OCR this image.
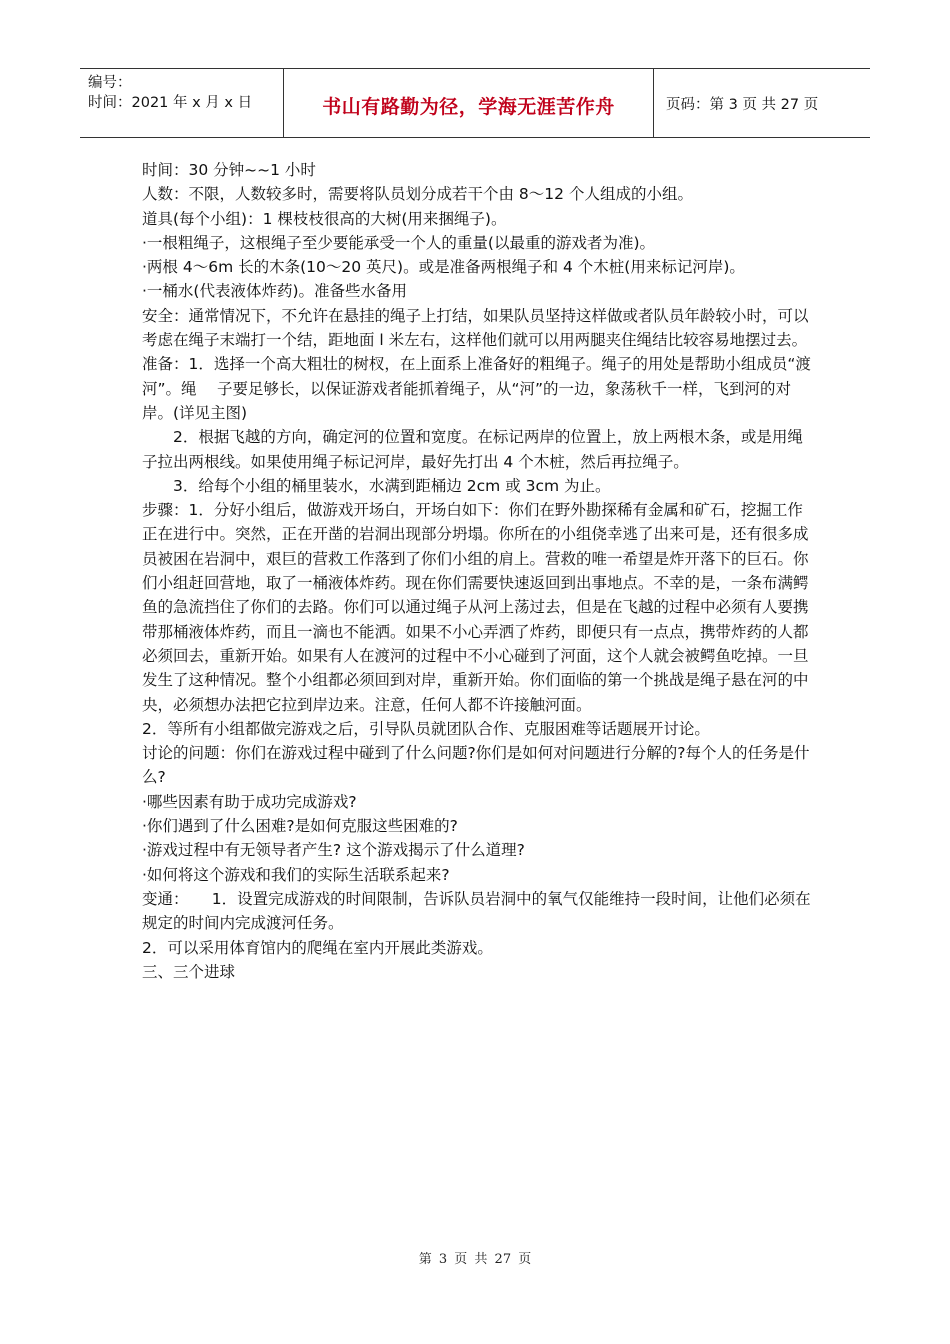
编号：
时间：2021 年 x 月 x 日	书山有路勤为径，学海无涯苦作舟	页码：第 3 页 共 27 页

时间：30 分钟~~1 小时

人数：不限，人数较多时，需要将队员划分成若干个由 8～12 个人组成的小组。

道具(每个小组)：1 棵枝枝很高的大树(用来捆绳子)。

·一根粗绳子，这根绳子至少要能承受一个人的重量(以最重的游戏者为准)。

·两根 4～6m 长的木条(10～20 英尺)。或是准备两根绳子和 4 个木桩(用来标记河岸)。

·一桶水(代表液体炸药)。准备些水备用

安全：通常情况下，不允许在悬挂的绳子上打结，如果队员坚持这样做或者队员年龄较小时，可以考虑在绳子末端打一个结，距地面 l 米左右，这样他们就可以用两腿夹住绳结比较容易地摆过去。

准备：1．选择一个高大粗壮的树杈，在上面系上准备好的粗绳子。绳子的用处是帮助小组成员“渡河”。绳　 子要足够长，以保证游戏者能抓着绳子，从“河”的一边，象荡秋千一样，飞到河的对岸。(详见主图)

2．根据飞越的方向，确定河的位置和宽度。在标记两岸的位置上，放上两根木条，或是用绳子拉出两根线。如果使用绳子标记河岸，最好先打出 4 个木桩，然后再拉绳子。

3．给每个小组的桶里装水，水满到距桶边 2cm 或 3cm 为止。

步骤：1．分好小组后，做游戏开场白，开场白如下：你们在野外勘探稀有金属和矿石，挖掘工作正在进行中。突然，正在开凿的岩洞出现部分坍塌。你所在的小组侥幸逃了出来可是，还有很多成员被困在岩洞中，艰巨的营救工作落到了你们小组的肩上。营救的唯一希望是炸开落下的巨石。你们小组赶回营地，取了一桶液体炸药。现在你们需要快速返回到出事地点。不幸的是，一条布满鳄鱼的急流挡住了你们的去路。你们可以通过绳子从河上荡过去，但是在飞越的过程中必须有人要携带那桶液体炸药，而且一滴也不能洒。如果不小心弄洒了炸药，即便只有一点点，携带炸药的人都必须回去，重新开始。如果有人在渡河的过程中不小心碰到了河面，这个人就会被鳄鱼吃掉。一旦发生了这种情况。整个小组都必须回到对岸，重新开始。你们面临的第一个挑战是绳子悬在河的中央，必须想办法把它拉到岸边来。注意，任何人都不许接触河面。

2．等所有小组都做完游戏之后，引导队员就团队合作、克服困难等话题展开讨论。

讨论的问题：你们在游戏过程中碰到了什么问题?你们是如何对问题进行分解的?每个人的任务是什么?

·哪些因素有助于成功完成游戏?

·你们遇到了什么困难?是如何克服这些困难的?

·游戏过程中有无领导者产生? 这个游戏揭示了什么道理?

·如何将这个游戏和我们的实际生活联系起来?

变通：　　1．设置完成游戏的时间限制，告诉队员岩洞中的氧气仅能维持一段时间，让他们必须在规定的时间内完成渡河任务。

2．可以采用体育馆内的爬绳在室内开展此类游戏。

三、三个进球

第 3 页 共 27 页
